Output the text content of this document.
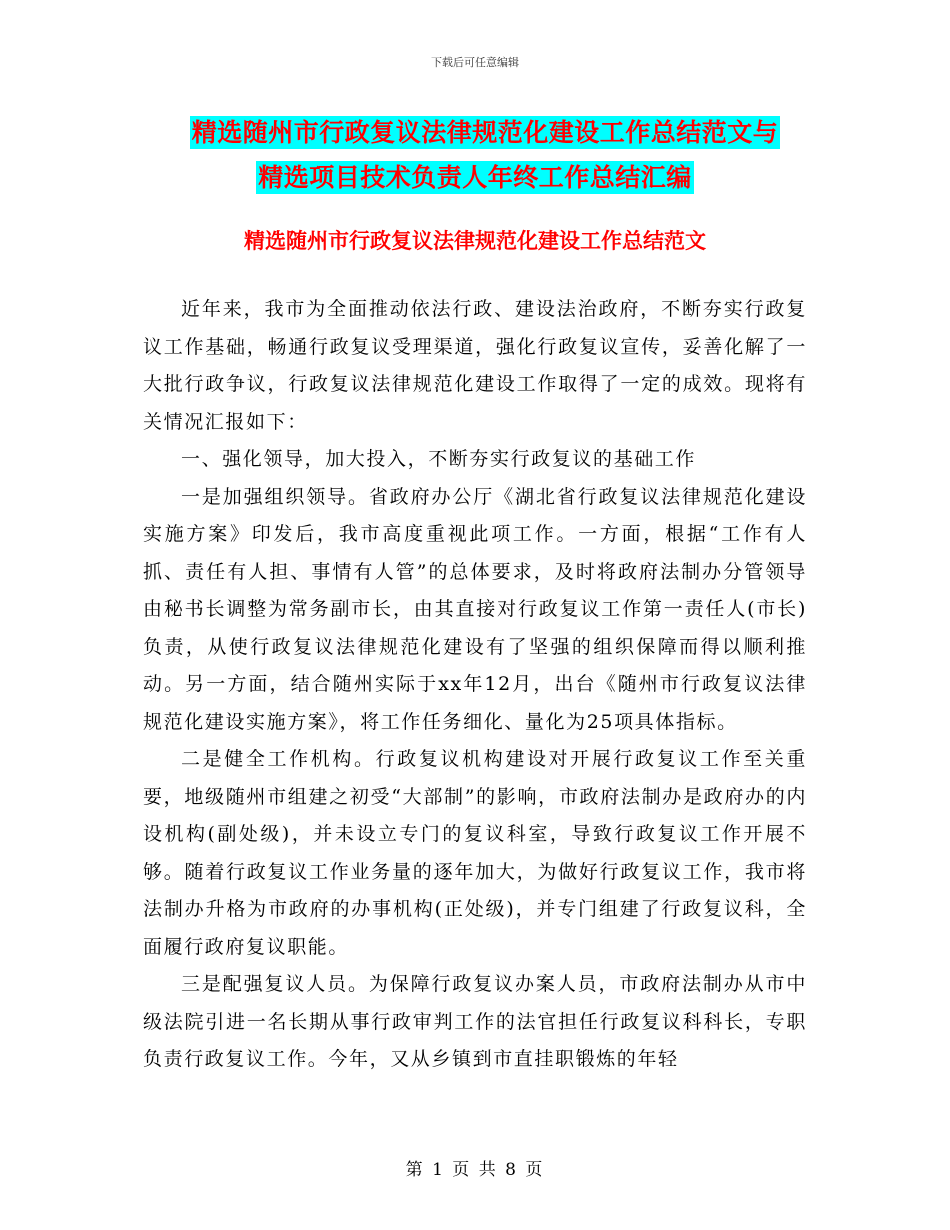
下载后可任意编辑
精选随州市行政复议法律规范化建设工作总结范文与
精选项目技术负责人年终工作总结汇编
精选随州市行政复议法律规范化建设工作总结范文

近年来，我市为全面推动依法行政、建设法治政府，不断夯实行政复议工作基础，畅通行政复议受理渠道，强化行政复议宣传，妥善化解了一大批行政争议，行政复议法律规范化建设工作取得了一定的成效。现将有关情况汇报如下：

一、强化领导，加大投入，不断夯实行政复议的基础工作

一是加强组织领导。省政府办公厅《湖北省行政复议法律规范化建设实施方案》印发后，我市高度重视此项工作。一方面，根据“工作有人抓、责任有人担、事情有人管”的总体要求，及时将政府法制办分管领导由秘书长调整为常务副市长，由其直接对行政复议工作第一责任人(市长)负责，从使行政复议法律规范化建设有了坚强的组织保障而得以顺利推动。另一方面，结合随州实际于xx年12月，出台《随州市行政复议法律规范化建设实施方案》，将工作任务细化、量化为25项具体指标。

二是健全工作机构。行政复议机构建设对开展行政复议工作至关重要，地级随州市组建之初受“大部制”的影响，市政府法制办是政府办的内设机构(副处级)，并未设立专门的复议科室，导致行政复议工作开展不够。随着行政复议工作业务量的逐年加大，为做好行政复议工作，我市将法制办升格为市政府的办事机构(正处级)，并专门组建了行政复议科，全面履行政府复议职能。

三是配强复议人员。为保障行政复议办案人员，市政府法制办从市中级法院引进一名长期从事行政审判工作的法官担任行政复议科科长，专职负责行政复议工作。今年，又从乡镇到市直挂职锻炼的年轻

第 1 页 共 8 页
